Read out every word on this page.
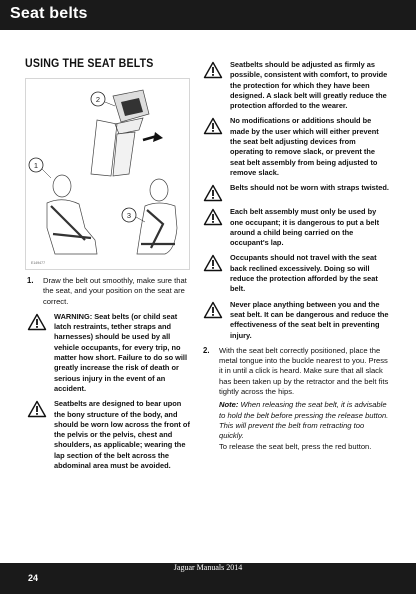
Seat belts
USING THE SEAT BELTS
2
1
3
E149477
1.	Draw the belt out smoothly, make sure that the seat, and your position on the seat are correct.
WARNING: Seat belts (or child seat latch restraints, tether straps and harnesses) should be used by all vehicle occupants, for every trip, no matter how short. Failure to do so will greatly increase the risk of death or serious injury in the event of an accident.
Seatbelts are designed to bear upon the bony structure of the body, and should be worn low across the front of the pelvis or the pelvis, chest and shoulders, as applicable; wearing the lap section of the belt across the abdominal area must be avoided.
Seatbelts should be adjusted as firmly as possible, consistent with comfort, to provide the protection for which they have been designed. A slack belt will greatly reduce the protection afforded to the wearer.
No modifications or additions should be made by the user which will either prevent the seat belt adjusting devices from operating to remove slack, or prevent the seat belt assembly from being adjusted to remove slack.
Belts should not be worn with straps twisted.
Each belt assembly must only be used by one occupant; it is dangerous to put a belt around a child being carried on the occupant's lap.
Occupants should not travel with the seat back reclined excessively. Doing so will reduce the protection afforded by the seat belt.
Never place anything between you and the seat belt. It can be dangerous and reduce the effectiveness of the seat belt in preventing injury.
2.	With the seat belt correctly positioned, place the metal tongue into the buckle nearest to you. Press it in until a click is heard. Make sure that all slack has been taken up by the retractor and the belt fits tightly across the hips.
Note: When releasing the seat belt, it is advisable to hold the belt before pressing the release button. This will prevent the belt from retracting too quickly.
To release the seat belt, press the red button.
Jaguar Manuals 2014
24
